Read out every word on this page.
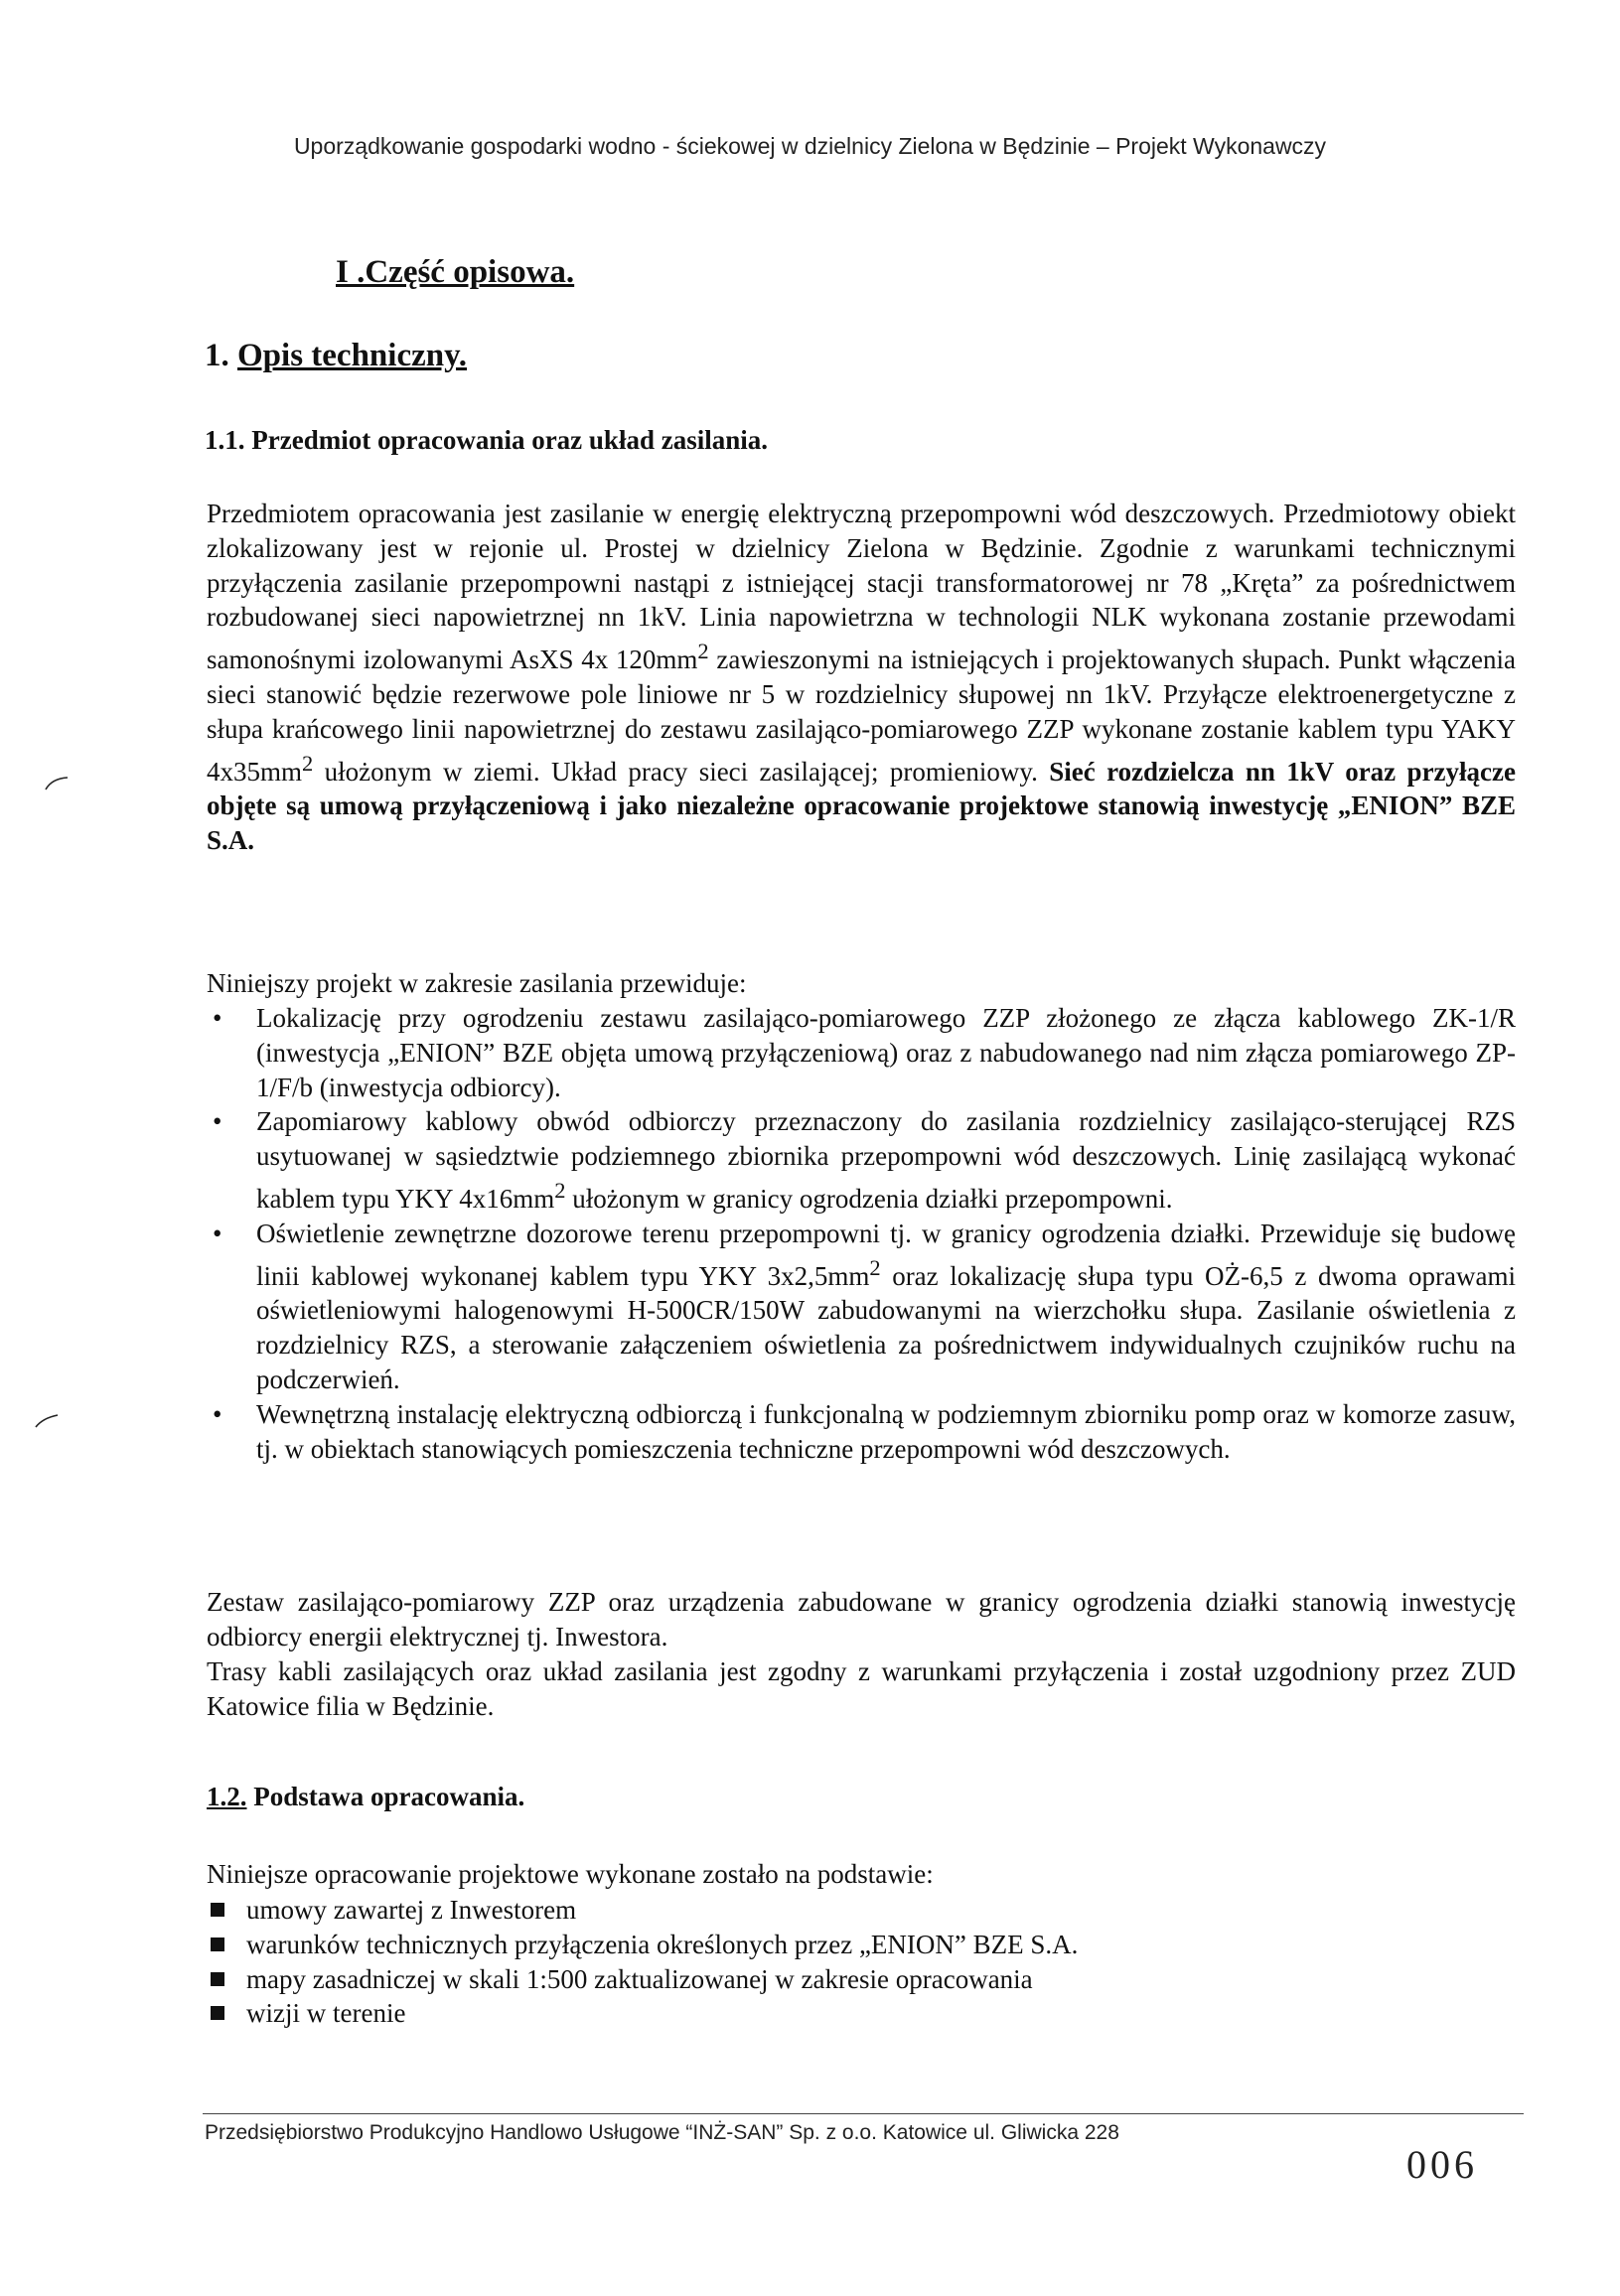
Uporządkowanie gospodarki wodno - ściekowej w dzielnicy Zielona w Będzinie – Projekt Wykonawczy
I .Część opisowa.
1. Opis techniczny.
1.1. Przedmiot opracowania oraz układ zasilania.
Przedmiotem opracowania jest zasilanie w energię elektryczną przepompowni wód deszczowych. Przedmiotowy obiekt zlokalizowany jest w rejonie ul. Prostej w dzielnicy Zielona w Będzinie. Zgodnie z warunkami technicznymi przyłączenia zasilanie przepompowni nastąpi z istniejącej stacji transformatorowej nr 78 „Kręta” za pośrednictwem rozbudowanej sieci napowietrznej nn 1kV. Linia napowietrzna w technologii NLK wykonana zostanie przewodami samonośnymi izolowanymi AsXS 4x $120mm^2$ zawieszonymi na istniejących i projektowanych słupach. Punkt włączenia sieci stanowić będzie rezerwowe pole liniowe nr 5 w rozdzielnicy słupowej nn 1kV. Przyłącze elektroenergetyczne z słupa krańcowego linii napowietrznej do zestawu zasilająco-pomiarowego ZZP wykonane zostanie kablem typu YAKY $4x35mm^2$ ułożonym w ziemi. Układ pracy sieci zasilającej; promieniowy. Sieć rozdzielcza nn 1kV oraz przyłącze objęte są umową przyłączeniową i jako niezależne opracowanie projektowe stanowią inwestycję „ENION” BZE S.A.
Niniejszy projekt w zakresie zasilania przewiduje:
• Lokalizację przy ogrodzeniu zestawu zasilająco-pomiarowego ZZP złożonego ze złącza kablowego ZK-1/R (inwestycja „ENION” BZE objęta umową przyłączeniową) oraz z nabudowanego nad nim złącza pomiarowego ZP-1/F/b (inwestycja odbiorcy).
• Zapomiarowy kablowy obwód odbiorczy przeznaczony do zasilania rozdzielnicy zasilająco-sterującej RZS usytuowanej w sąsiedztwie podziemnego zbiornika przepompowni wód deszczowych. Linię zasilającą wykonać kablem typu YKY $4x16mm^2$ ułożonym w granicy ogrodzenia działki przepompowni.
• Oświetlenie zewnętrzne dozorowe terenu przepompowni tj. w granicy ogrodzenia działki. Przewiduje się budowę linii kablowej wykonanej kablem typu YKY $3x2,5mm^2$ oraz lokalizację słupa typu OŻ-6,5 z dwoma oprawami oświetleniowymi halogenowymi H-500CR/150W zabudowanymi na wierzchołku słupa. Zasilanie oświetlenia z rozdzielnicy RZS, a sterowanie załączeniem oświetlenia za pośrednictwem indywidualnych czujników ruchu na podczerwień.
• Wewnętrzną instalację elektryczną odbiorczą i funkcjonalną w podziemnym zbiorniku pomp oraz w komorze zasuw, tj. w obiektach stanowiących pomieszczenia techniczne przepompowni wód deszczowych.
Zestaw zasilająco-pomiarowy ZZP oraz urządzenia zabudowane w granicy ogrodzenia działki stanowią inwestycję odbiorcy energii elektrycznej tj. Inwestora.
Trasy kabli zasilających oraz układ zasilania jest zgodny z warunkami przyłączenia i został uzgodniony przez ZUD Katowice filia w Będzinie.
1.2. Podstawa opracowania.
Niniejsze opracowanie projektowe wykonane zostało na podstawie:
umowy zawartej z Inwestorem
warunków technicznych przyłączenia określonych przez „ENION” BZE S.A.
mapy zasadniczej w skali 1:500 zaktualizowanej w zakresie opracowania
wizji w terenie
Przedsiębiorstwo Produkcyjno Handlowo Usługowe “INŻ-SAN” Sp. z o.o. Katowice ul. Gliwicka 228
006
